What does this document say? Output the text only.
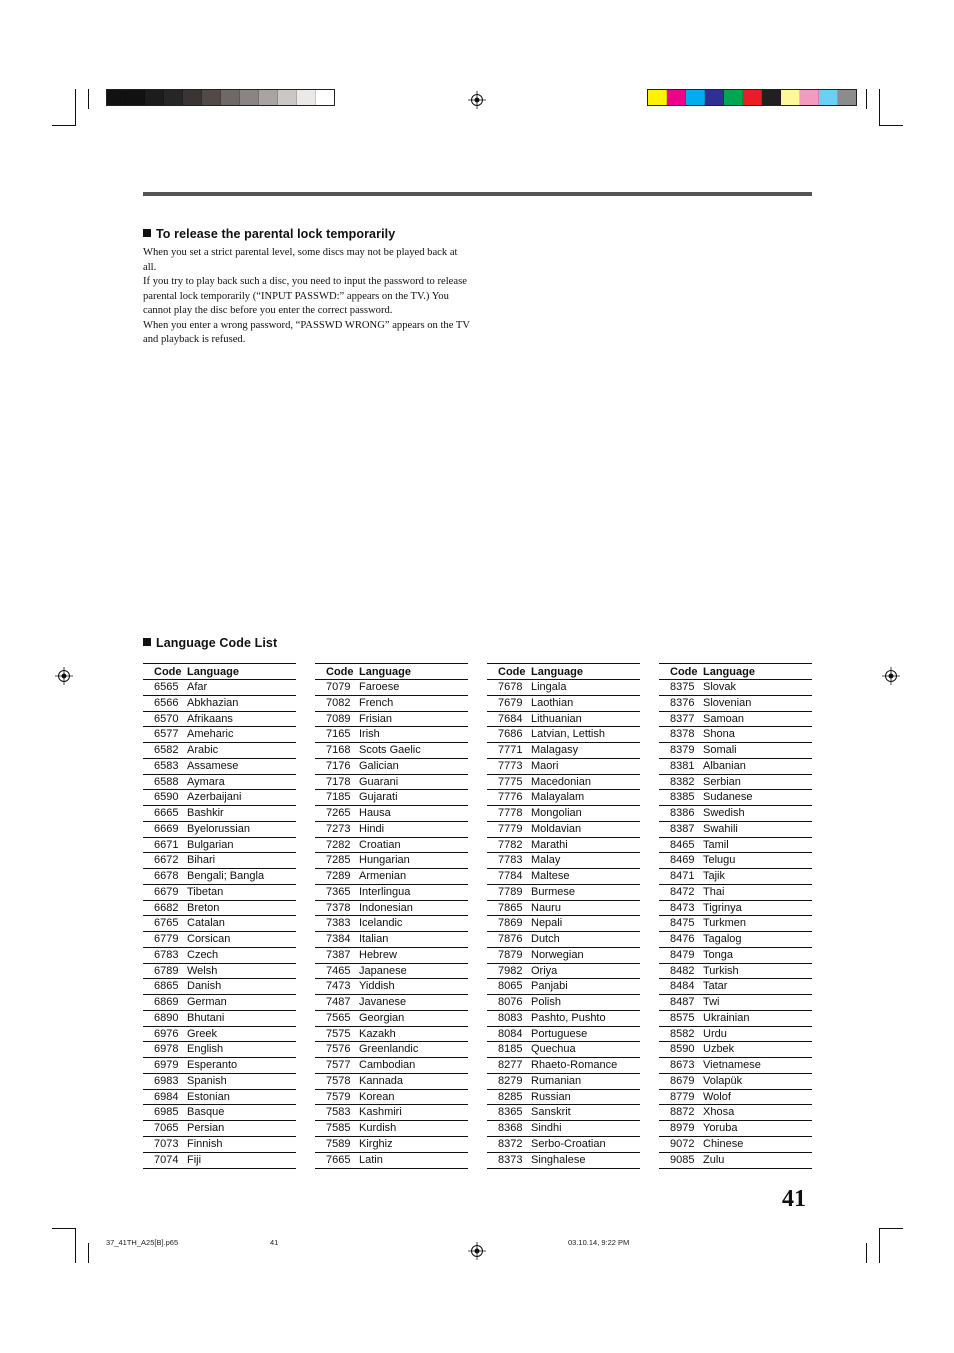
To release the parental lock temporarily

When you set a strict parental level, some discs may not be played back at all.

If you try to play back such a disc, you need to input the password to release parental lock temporarily (“INPUT PASSWD:” appears on the TV.) You cannot play the disc before you enter the correct password.

When you enter a wrong password, “PASSWD WRONG” appears on the TV and playback is refused.

Language Code List
Code Language
6565 Afar
6566 Abkhazian
6570 Afrikaans
6577 Ameharic
6582 Arabic
6583 Assamese
6588 Aymara
6590 Azerbaijani
6665 Bashkir
6669 Byelorussian
6671 Bulgarian
6672 Bihari
6678 Bengali; Bangla
6679 Tibetan
6682 Breton
6765 Catalan
6779 Corsican
6783 Czech
6789 Welsh
6865 Danish
6869 German
6890 Bhutani
6976 Greek
6978 English
6979 Esperanto
6983 Spanish
6984 Estonian
6985 Basque
7065 Persian
7073 Finnish
7074 Fiji
Code Language
7079 Faroese
7082 French
7089 Frisian
7165 Irish
7168 Scots Gaelic
7176 Galician
7178 Guarani
7185 Gujarati
7265 Hausa
7273 Hindi
7282 Croatian
7285 Hungarian
7289 Armenian
7365 Interlingua
7378 Indonesian
7383 Icelandic
7384 Italian
7387 Hebrew
7465 Japanese
7473 Yiddish
7487 Javanese
7565 Georgian
7575 Kazakh
7576 Greenlandic
7577 Cambodian
7578 Kannada
7579 Korean
7583 Kashmiri
7585 Kurdish
7589 Kirghiz
7665 Latin
Code Language
7678 Lingala
7679 Laothian
7684 Lithuanian
7686 Latvian, Lettish
7771 Malagasy
7773 Maori
7775 Macedonian
7776 Malayalam
7778 Mongolian
7779 Moldavian
7782 Marathi
7783 Malay
7784 Maltese
7789 Burmese
7865 Nauru
7869 Nepali
7876 Dutch
7879 Norwegian
7982 Oriya
8065 Panjabi
8076 Polish
8083 Pashto, Pushto
8084 Portuguese
8185 Quechua
8277 Rhaeto-Romance
8279 Rumanian
8285 Russian
8365 Sanskrit
8368 Sindhi
8372 Serbo-Croatian
8373 Singhalese
Code Language
8375 Slovak
8376 Slovenian
8377 Samoan
8378 Shona
8379 Somali
8381 Albanian
8382 Serbian
8385 Sudanese
8386 Swedish
8387 Swahili
8465 Tamil
8469 Telugu
8471 Tajik
8472 Thai
8473 Tigrinya
8475 Turkmen
8476 Tagalog
8479 Tonga
8482 Turkish
8484 Tatar
8487 Twi
8575 Ukrainian
8582 Urdu
8590 Uzbek
8673 Vietnamese
8679 Volapük
8779 Wolof
8872 Xhosa
8979 Yoruba
9072 Chinese
9085 Zulu
41
37_41TH_A25[B].p65	41	03.10.14, 9:22 PM
